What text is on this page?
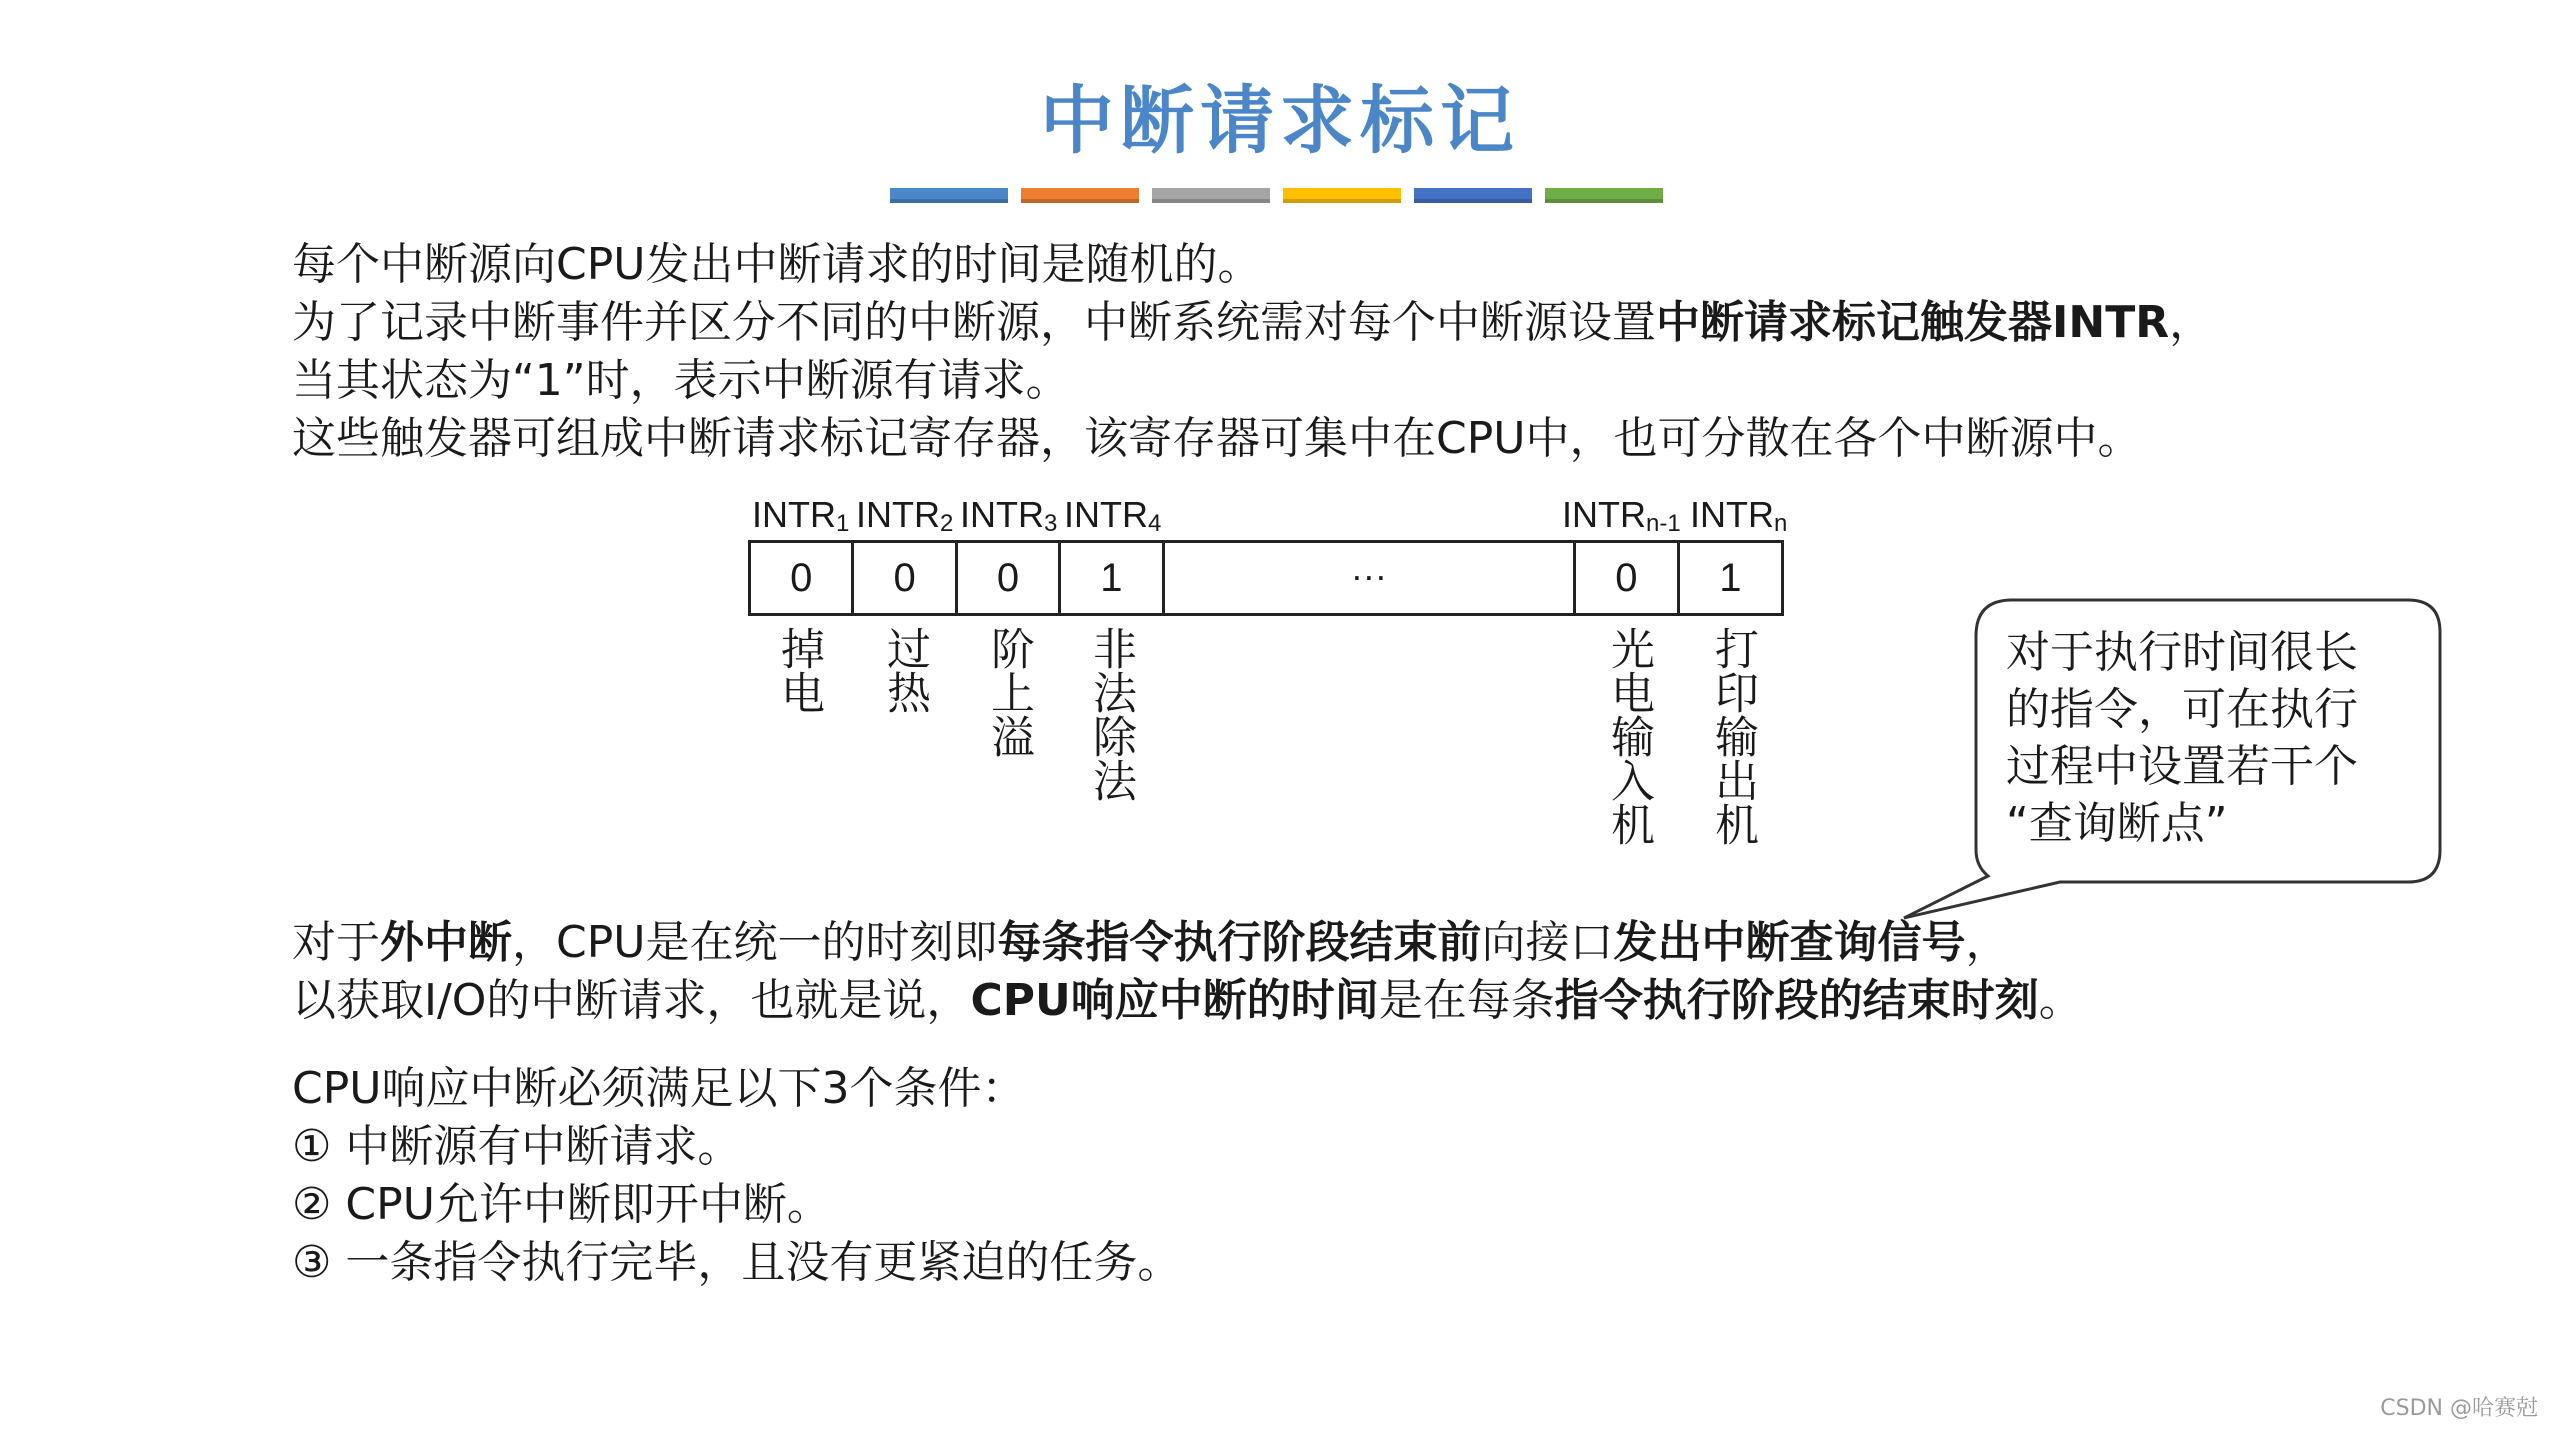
中断请求标记
每个中断源向CPU发出中断请求的时间是随机的。
为了记录中断事件并区分不同的中断源，中断系统需对每个中断源设置中断请求标记触发器INTR，
当其状态为“1”时，表示中断源有请求。
这些触发器可组成中断请求标记寄存器，该寄存器可集中在CPU中，也可分散在各个中断源中。
$INTR_1$ $INTR_2$ $INTR_3$ $INTR_4$	$INTR_{n-1}$ $INTR_n$
0	0	0	1	···	0	1
掉电 过热 阶上溢 非法除法	光电输入机 打印输出机	对于执行时间很长
的指令，可在执行
过程中设置若干个
“查询断点”
对于外中断，CPU是在统一的时刻即每条指令执行阶段结束前向接口发出中断查询信号，
以获取I/O的中断请求，也就是说，CPU响应中断的时间是在每条指令执行阶段的结束时刻。
CPU响应中断必须满足以下3个条件：
① 中断源有中断请求。
② CPU允许中断即开中断。
③ 一条指令执行完毕，且没有更紧迫的任务。
CSDN @哈赛尅
